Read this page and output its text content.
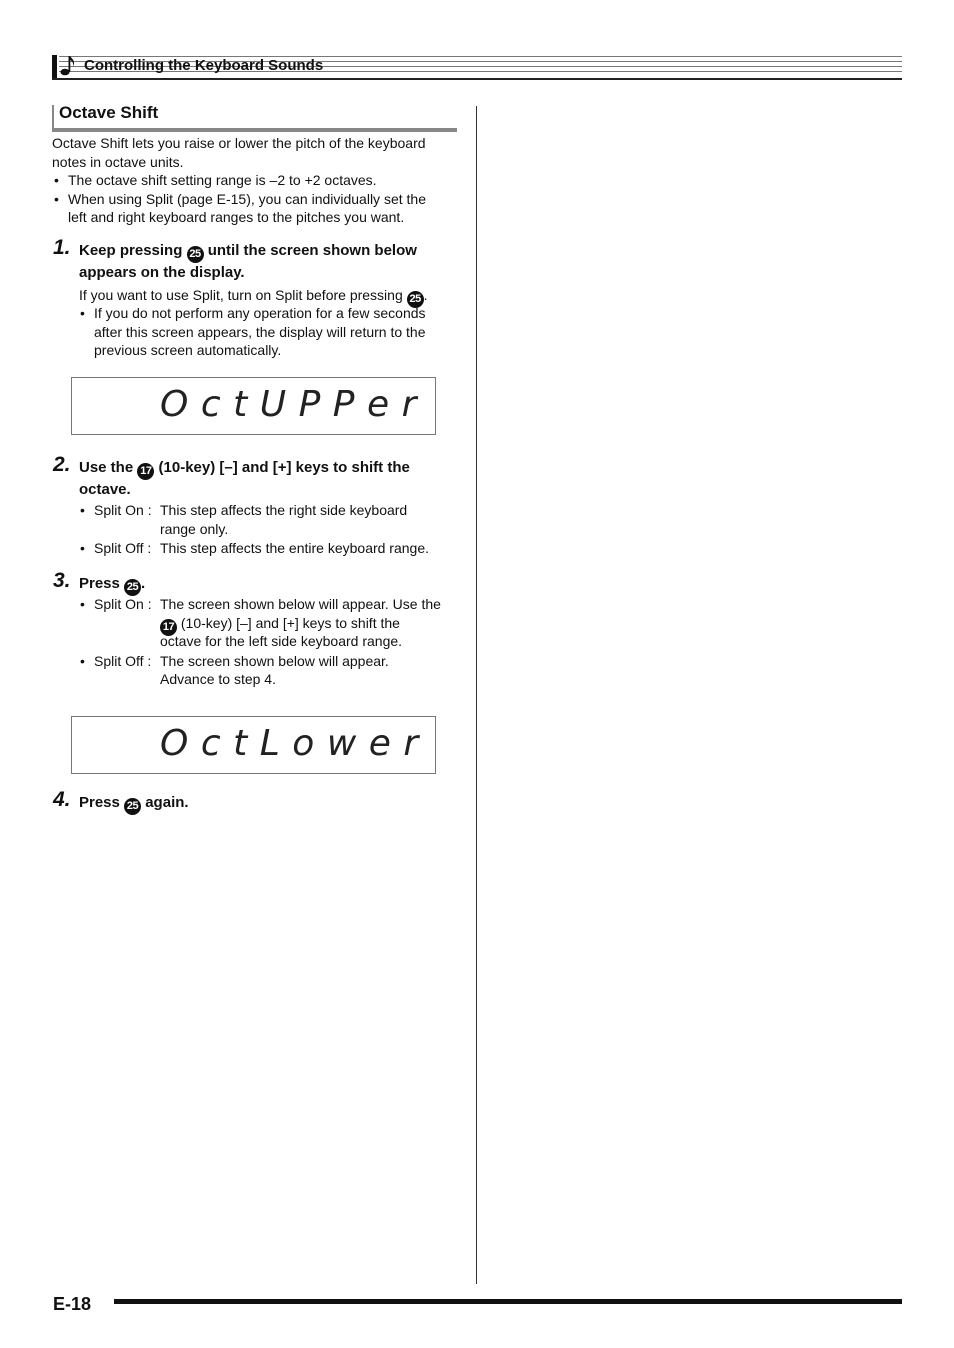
Controlling the Keyboard Sounds
Octave Shift
Octave Shift lets you raise or lower the pitch of the keyboard
notes in octave units.
• The octave shift setting range is –2 to +2 octaves.
• When using Split (page E-15), you can individually set the
left and right keyboard ranges to the pitches you want.
1. Keep pressing 25 until the screen shown below
appears on the display.
If you want to use Split, turn on Split before pressing 25 .
• If you do not perform any operation for a few seconds
after this screen appears, the display will return to the
previous screen automatically.
OctUPPer
2. Use the 17 (10-key) [–] and [+] keys to shift the
octave.
• Split On : This step affects the right side keyboard
range only.
• Split Off : This step affects the entire keyboard range.
3. Press 25 .
• Split On : The screen shown below will appear. Use the
17 (10-key) [–] and [+] keys to shift the
octave for the left side keyboard range.
• Split Off : The screen shown below will appear.
Advance to step 4.
OctLower
4. Press 25 again.
E-18
